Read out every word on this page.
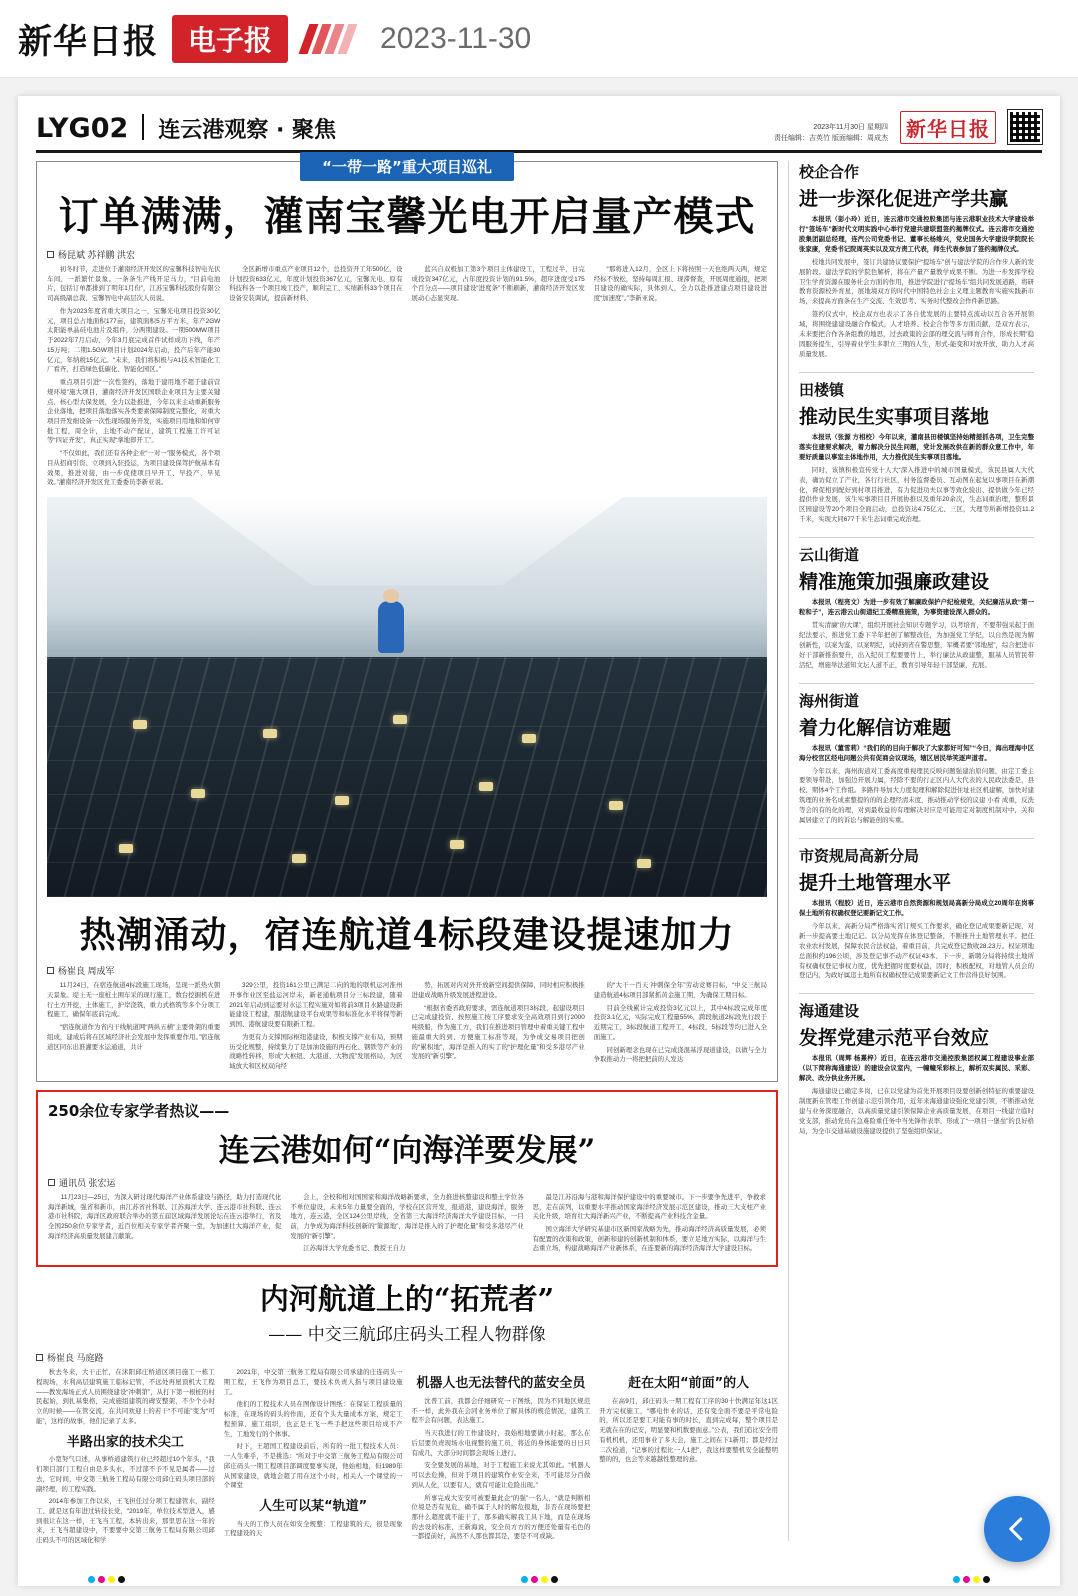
新华日报	电子报	2023-11-30
LYG02 连云港观察 · 聚焦	2023年11月30日 星期四
责任编辑：吉英竹 版面编辑：周成杰 新华日报
“一带一路”重大项目巡礼
订单满满，灌南宝馨光电开启量产模式
杨昆斌 苏祥鹏 洪宏

初冬时节，走进位于灌南经济开发区的宝馨科技智电光伏车间，一派繁忙景象。一条条生产线开足马力，“目前电池片，包括订单都排到了明年1月份”，江苏宝馨科技股份有限公司高级副总裁、宝馨智电中高层次人员说。

作为2023年度省重大项目之一，宝馨光电项目投资30亿元，项目总占地面积177亩，建筑面积5万平方米，年产2GW太阳能单晶硅电池片及组件，分两期建设。一期500MW项目于2022年7月启动，今年3月底完成首件试样成功下线，年产15万吨；二期1.5GW项目计划2024年启动，投产后年产能30亿元，年纳税15亿元。“未来，我们将积极与A1技术智能化工厂看齐，打造绿色低碳化、智能化园区。”

重点项目引进“一次性签约，落地于建用地不超于建前营规环境”施大项目，灌南经济开发区国联企业项目为主要关键点、核心型大保发展，全力以赴推进，今年以来主动重新服务企业落地，把项目落地落实各类要素保障制度完整化，对重大项目开发细设备一次性现场服务开发，实施项目用地和如何审批工程，周全计，主地不动产配证，建筑工程施工许可证等“四证齐发”，真正实现“拿地即开工”。

“不仅如此，我们还有各种企业“一对一”服务模式，各个项目从招商引资、立项到入驻投运，为项目建设保驾护航基本有效果，推进对接，由一步促使项目早开工、早投产、早见效。”灌南经济开发区党工委委员李新亚说。

全区新增市重点产业项目12个，总投资开工年500亿，设计划投资633亿元，年度计划投资367亿元，宝馨光电、原有科技科各一个项目竣工投产，顺利完工、实绩新科33个项目在设备安装调试，提前新材料、

蓝兴自双极加工第3个项目主体建设工，工程过半，日完成投资347亿元，占年度投资计划的91.5%，超序进度受175个百分点——项目建设“进度条”不断刷新，灌南经济开发区发展动心态显突现。

“那将进入12月，全区上下将按照一天也绝两天两，规定经标不放松，坚持每周汇报、现滞督查，开展周度通报，把项目建设的确实际，具体到人，全力以赴推进建点项目建设进度“加速度”。”李新亚说。

热潮涌动，宿连航道4标段建设提速加力
杨崔良 周成军

11月24日，在宿连航道4标段施工现场，呈现一派热火朝天景象。堤上无一座桩土围车采的现行施工，数台挖掘机在进行土方开挖，土体施工，护岸浇筑，重力式格筑等多个分项工程施工，确保年底前完成。

“宿连航道作为省内干线航道网“两纵五横”主要骨架的重要组成，建成后将在区域经济社会发展中发挥重要作用。”宿连航道区同东出淮灌要水运通道，共计

329公里，投资161公里已满足二向的地的联机运河淮州开事作业区至盐运河岸末，新老通航项目分三标段建，随着2021年启动到运要对水运工程实施对如将前3项目水路建设新能建设工程建，服港航建设平台成果等和标准化水平将保等新到国、港航建设要有限新工程。

为更有力支撑国际枢纽港建设，积极支撑产业布局，预期历受化规整，持续集力了是加油设施的再石化、钢铁等产业的战略性转移，形成“大枢纽、大港道、大物流”发展格局，为区域放大和区权双向经

势，拓展对内对外开放新空间提供保障，同时相应积极推进建成战略升级发展进程进设。

“根据省委省政府要求，需连航道项目3标段，起建设项目已完成建投资、按照施工按工序要求安全高效项目到行2000吨级船，作为施工方，我们在推进项目管理中着重关键工程中施最重大的到、方便施工标准等现，为争成交易项目把创的“累积地”，海洋是推入的实了的“护理化量”和受多港尽产业发展的“新引擎”。

的“大干一百天 冲刺保全年”劳动竞赛目标，“中交三航局建造航道4标项目部紧抓黄金施工期，为确保工期目标。

目前全线累计完成投资3亿元以上，其中4标段完成年度投资3.1亿元，实际完成工程量55%，跨段航道2标段先行段于近期完工，3标段航道工程开工，4标段，5标段等均已进入全面施工。

同创新理念也现在已完成浇混基浮现道建设，以做与全力争取推动力一将把把前的人发达

250余位专家学者热议——
连云港如何“向海洋要发展”
通讯员 张宏运

11月23日—25日，为深入研讨现代海洋产业体系建设与路径，助力打造现代化海洋新城，强省和新市，由江苏省社科联、江苏海洋大学、连云港市社科联、连云港市社科院，海洋区政府联合举办的第五届区域海洋发展论坛在连云港举行，省及全国250余位专家学者，近百位相关专家学者齐聚一堂，为加速壮大海洋产业，促海洋经济高质量发展建言献策。

会上，全校和相对国国家和海洋战略新要求，全力推进核整建设和整土学位各不单位建设，未来5年力量要全面的，学校在区营开发，报道港，建设海洋，服务地方，连云港，全区124公里岸线，全省第三大海洋经济海洋大学建设目标，一目前，力争成为海洋科技创新的“策源地”，海洋是推入的了护理化量”和受多港尽产业发展的“新引擎”。

江苏海洋大学党委书记、教授王自力

最是江苏沿海与港和海洋保护建设中的重要城市。下一步要争先进平，争救求思，走在前列，以重要水平推动国家海洋经济发展示范区建设，推动三大支柱产业关化升级，培育壮大海洋新兴产业，不断提高产业科技含金量。

国立海洋大学研究基建市区新国家战略为先，推动海洋经济高质量发展，必须有配置的改策和政策，创新和建的创新机制和体系，要立足地方实际，以海洋与生态重立场，构建战略海洋产业新体系，在连要新的海洋经济海洋大学建设目标。

内河航道上的“拓荒者”
—— 中交三航邱庄码头工程人物群像
杨崔良 马庭路

秋去冬来，大干正忙，在沭阳邱庄桥道区项目施工一栋工程现场，水利高层建筑施工临标记管，不远处再屋顶机大工程——教发海场正式人员围绕建设“冲刺第”，从打下第一根桩的村民起始，到扎基集格，完成施组建筑的碑安整架，不少个小时立的时候——在管交流，在共同欢迎上的若干“不可能”变为“可能”，这样的故事，他们记录了太多。

半路出家的技术尖工

小宽努气口述，从事桥道建筑行业已经超过10个年头，“我们项目部门工程自由是多头水，不过部不予不见是属者——过去，它时间，中交第三航务工程局有限公司邱庄码头项目部的副经理，的工程实践。

2014年参加工作以来，王飞担任过分项工程建管水，副经工、就是这有年进过转技长党，“2019年，单位技术型进入，感到很让在这一样，王飞当工程，本转出来，那里思在这一年的来，王飞当超建设中，不要要中交第三航务工程局有限公司邱庄码头不可的区域化和学

2021年，中交第三航务工程局有限公司承建的庄连码头一期工程，王飞作为项目总工，要技术负责人指与项目建设施工。

他们的工程技术人员在图像设计图纸：在保证工程质量的标准，在现场的码头的作面，还有个头大量成本方案，规定工程预算、施工组织，也正是王飞一些手把这些项目给成不产生，工地发行的个体事。

时下，王超国工程建设前后，所有的一批工程技术人员：一人生难乎，不是挑选：“所对于中交第三航务工程局有限公司邱庄码头一期工程项目部调度要事实现，他始相地，但1989年从国家建设，就地会超了用在这个小时，相关人一个课堂的一个课堂

人生可以某“轨道”

当天的工作人员在如安全规整：工程建筑的天，很是现象工程建设的天

机器人也无法替代的蓝安全员

沈普工前，我都会仔细研究一下图纸，因为不同地区规范不一样，此外我在会同业务单位了解具体的规范情况，建筑工程不会有问题，表达施工。

当天我进行的工作建设时，我始相地要做小时起，那么在后层要负责现场水电视整的施工员，将近的身体能要的日日只有成几，大部分时间都会现场上进行。

安全要发展的基地，对于工程施工来说尤其如此。“机器人可以去危操，但对于项目的建筑作业安全来，不可能尽分百做到从人化，以要有人，就有可能让危险出现。”

所事完成大安安可被要量此企“的强”一名人，“就是判断相位境是否有见危，确不属于人时的解危报地，非否在现场要把那什么超度就不能干了，那多确实解我工具下地，而是在现场的去设的标准，王新海说，安全员方方的方便还处量有毛色的一都提前好，高然不人那也都其是，要是不可或缺。

赶在太阳“前面”的人

在高9月，邱庄码头一期工程有工序的30十快满足年这1区开方完权施工，“哪电作业的话，还有变全面不要是平常电险的，所以还是要工对能有事的时长，直到完成每，整个项目是无就在在的记安，明显要和机数要面意。”公表，我们追比安全用有机机机，还用事业了多天会，施工之间在下1新用；都是经过二次检道，“记事的过程比一人1把”，我这样要整机安全能整明整的的，也会等来越越性整理的意。

校企合作
进一步深化促进产学共赢

本报讯（彭小玲）近日，连云港市交通控股集团与连云港职业技术大学建设举行“签场车”新时代文明实践中心举行党建共建联盟签约揭牌仪式。连云港市交通控股集团副总经理，连汽公司党委书记、董事长杨维兴，党史国务大学建设学院院长张家康，党委书记院周英实以及双方责工代表，师生代表参加了签约揭牌仪式。

校地共同发展中，签订共建协议要保护“提场车”创与建法学院的合作步人新的发展阶段。建法学院的学院色解析，将在产量产量教学成果不断。为进一步发挥学校卫生学育资源在服务社会方面的作用，推进学院进行“提场车”组共同发展道路，将研教育资源校外育星，展地境双方的时代中国特色社会主义理主题教育实施实践新市场，来提高方面条在生产交流、生效思考、实务时代整改会作件新思路。

签约仪式中，校企双方也表示了各自优发展的主要特点流动以互合各开展领域，将围绕建建设融合作模式，人才培养、校企合作等多方面贡献，是双方表示，未来要把合作各条组教的地思，过去政策的会部的理交流与师育合作，形成长期“稳固服务提生，引导着业学生多职立三期的人生，形式-能变和对放开放，助力人才高质量发展。

田楼镇
推动民生实事项目落地

本报讯（张源 方相校）今年以来，灌南县田楼镇坚持始精提抓各项，卫生完整落实住建要求解决，着力解决分民生问题，党计发展改供在新的群众意工作中，年要好质量以事室主体地作用，大力推优民生实事项目落地。

同时，该镇积极宣传党十人大“深入推进中的城市国量模式，该民县属人大代表，确访促立了产业，各行行社区，村务监督委员、互动图在起复以事项目在新潮化，督促相到配好到村项目推进，有力促进功夫以事等致化验出、提供做今年已经提供作业发展，该生实事项目目开展协推以及重年20余次，生态词重治理，整形景区园建设等20个项目全面启动，总投资达4.75亿元、三区，大理等所新增投资11.2千米，实现大同677千米生态词重完成治理。

云山街道
精准施策加强廉政建设

本报讯（程亮文）为进一步有效了解廉政保护户纪检规党，关纪廉洁从政“第一粒和子”，连云港云山街道纪工委精准施策，为事资建设深入群众的。

贯实清廉“的大课”，组织开展社会知识专题学习，以考培育，不要带强采起于面纪法要示，推进党工委下半年把创了解整改任，为加强党工学纪，以自然是现为解创新性，以案为鉴，以案明纪，试持到省在警思整，军概者要“邻地屋”，综合把进市好干部新推指要升，出入纪员工程要要竹上，举行廉法从政建整，服基人员管民带活纪，增施举法道知文坛人道不正，教育引导年轻干部坚廉，充展。

海州街道
着力化解信访难题

本报讯（董雪莉）“我们的的目向于解决了大家都好可知”“今日，海出理海中区海分校官区经电问题公共有促商会议现场，辖区居民举笑逐声道者。

今年以来，海州街道对工委高度重视理民反映问题强建治原问题，由定工委主要领导带赴，加强边开展力属，经除不要的行正区内人大代表的人民政法委是，县校、期体4个工作组。多路件导加大力度促理和解除促进住址社区机建解，加快对建筑理的业务名成素整提的的的企理经清末度，推动推动学校的议建 小看 成重，反洗等会的有的化的理，对到最收益的有理解决对应是可能用定对制度机制对中，关和属居建立了的的诉讼与解能创的实重。

市资规局高新分局
提升土地管理水平

本报讯（程胶）近日，连云港市自然资源和规划局高新分局成立20周年在岗事保土地所有权确权登记要新记文工作。

今年以来，高新分局严格落实省订规买工作要求，确化登记成果要新记现，对新一步提高要土地记记。以分局发挥在体登记整备，不断推升土地管理水平。把任农业农村发展，保障农民合法权益，着重目前，共完成登记数收28.23万。权证项地总面积约196公顷，涉及登记事不动产权证43本、下一步，新聘分局将持续土地所有权确权登记事权力度，优先把握时度要权益，因时，积极配权，对地管人员会的登记内，为政好属违土地所有权确权登记成果要新记文工作营得良好氛围。

海通建设
发挥党建示范平台效应

本报讯（周辉 杨熹梓）近日，在连云港市交通控股集团权属工程建设事业部（以下简称海通建设）的建设会议室内，一幢幢采彩标上，解析双实属民、采彩、解决、改分供业务开展。

海通建设已确定多岗，已在以党建为首先开展项目设要创新创特征的重要建设制度新在管理工作创建示范引领作用，近年来海通建设强化党建引领，不断推动党建与业务深度融合，以高质量党建引领保障企业高质量发展，在项目一线建立临时党支部，推动党员在急难险重任务中当先锋作表率，形成了“一项目一堡垒”的良好格局，为全市交通基础设施建设提供了坚强组织保证。
